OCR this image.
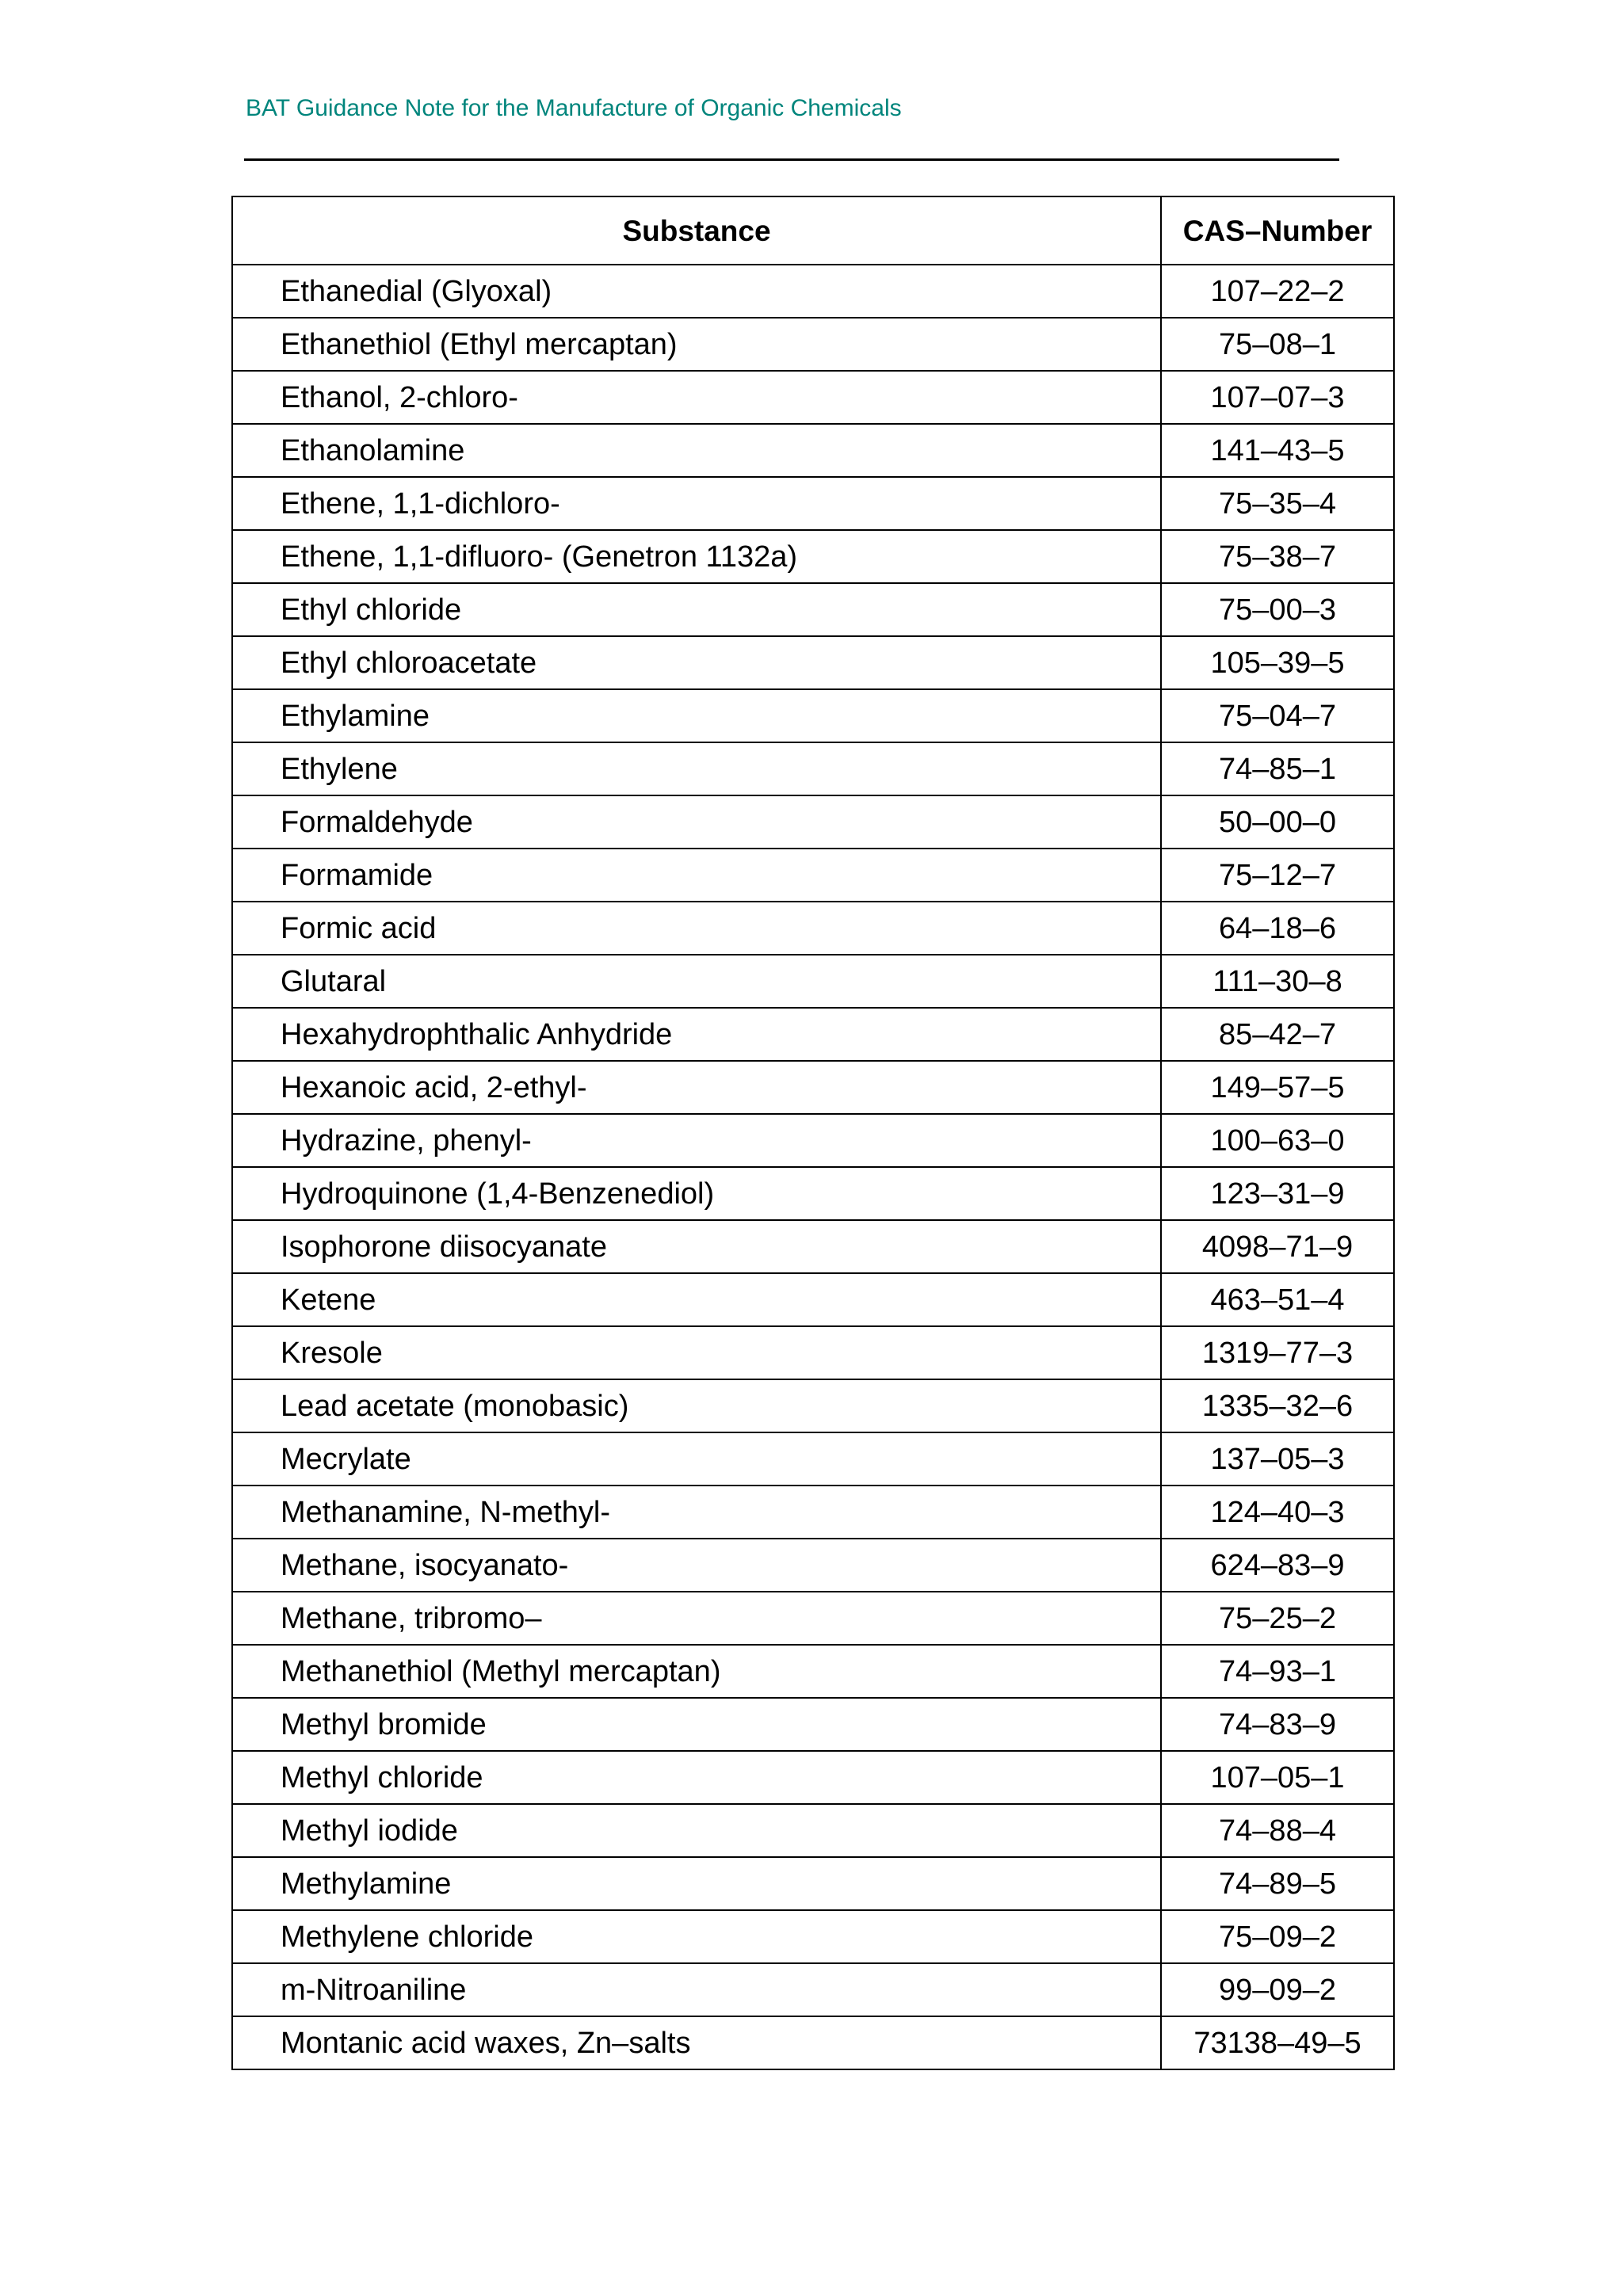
BAT Guidance Note for the Manufacture of Organic Chemicals
Substance	CAS–Number
Ethanedial (Glyoxal)	107–22–2
Ethanethiol (Ethyl mercaptan)	75–08–1
Ethanol, 2-chloro-	107–07–3
Ethanolamine	141–43–5
Ethene, 1,1-dichloro-	75–35–4
Ethene, 1,1-difluoro- (Genetron 1132a)	75–38–7
Ethyl chloride	75–00–3
Ethyl chloroacetate	105–39–5
Ethylamine	75–04–7
Ethylene	74–85–1
Formaldehyde	50–00–0
Formamide	75–12–7
Formic acid	64–18–6
Glutaral	111–30–8
Hexahydrophthalic Anhydride	85–42–7
Hexanoic acid, 2-ethyl-	149–57–5
Hydrazine, phenyl-	100–63–0
Hydroquinone (1,4-Benzenediol)	123–31–9
Isophorone diisocyanate	4098–71–9
Ketene	463–51–4
Kresole	1319–77–3
Lead acetate (monobasic)	1335–32–6
Mecrylate	137–05–3
Methanamine, N-methyl-	124–40–3
Methane, isocyanato-	624–83–9
Methane, tribromo–	75–25–2
Methanethiol (Methyl mercaptan)	74–93–1
Methyl bromide	74–83–9
Methyl chloride	107–05–1
Methyl iodide	74–88–4
Methylamine	74–89–5
Methylene chloride	75–09–2
m-Nitroaniline	99–09–2
Montanic acid waxes, Zn–salts	73138–49–5
